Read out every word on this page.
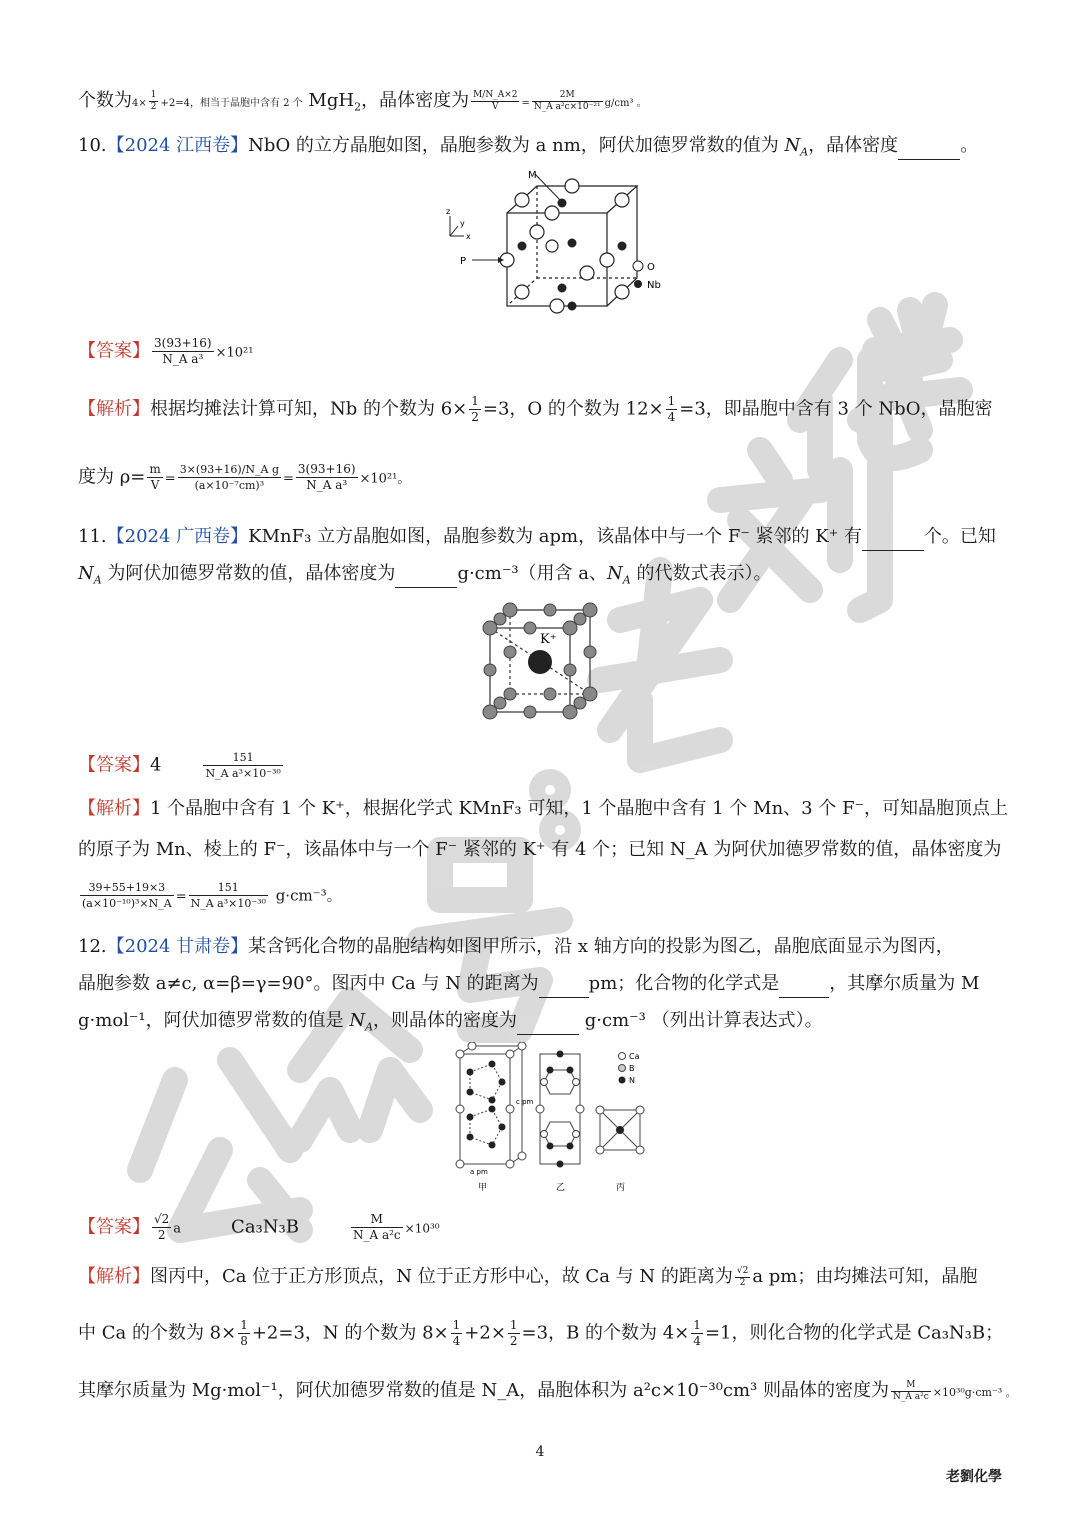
个数为$4\times \frac{1}{2} +2=4$，相当于晶胞中含有 2 个 MgH$_2$，晶体密度为 $\frac{M/N\_A\times 2}{V} = \frac{2M}{\text{N\_A a²c×10⁻²¹}} g/cm^3$ 。
10.【2024 江西卷】NbO 的立方晶胞如图，晶胞参数为 a nm，阿伏加德罗常数的值为 $N_A$，晶体密度	。
M
P
z
y
x
O
Nb
【答案】 $\frac{3(93+16)}{\text{N\_A a³}} \times 10^{21}$
【解析】根据均摊法计算可知，Nb 的个数为 $6\times \frac{1}{2} =3$，O 的个数为 $12\times \frac{1}{4} =3$，即晶胞中含有 3 个 NbO，晶胞密
度为 $\rho= \frac{m}{V} = \frac{\text{3×(93+16)/N\_A g}}{\text{(a×10⁻⁷cm)³}} = \frac{3(93+16)}{\text{N\_A a³}} \times 10^{21}$。
11.【2024 广西卷】KMnF₃ 立方晶胞如图，晶胞参数为 apm，该晶体中与一个 F⁻ 紧邻的 K⁺ 有	个。已知
$N_A$ 为阿伏加德罗常数的值，晶体密度为	g·cm⁻³（用含 a、$N_A$ 的代数式表示）。
K⁺
【答案】4	$\frac{151}{\text{N\_A a³×10⁻³⁰}}$
【解析】1 个晶胞中含有 1 个 K⁺，根据化学式 KMnF₃ 可知，1 个晶胞中含有 1 个 Mn、3 个 F⁻，可知晶胞顶点上
的原子为 Mn、棱上的 F⁻，该晶体中与一个 F⁻ 紧邻的 K⁺ 有 4 个；已知 N_A 为阿伏加德罗常数的值，晶体密度为
$\frac{39+55+19\times 3}{\text{(a×10⁻¹⁰)³×N\_A}} = \frac{151}{\text{N\_A a³×10⁻³⁰}} g\cdot cm^{-3}$。
12.【2024 甘肃卷】某含钙化合物的晶胞结构如图甲所示，沿 x 轴方向的投影为图乙，晶胞底面显示为图丙，
晶胞参数 a≠c, α=β=γ=90°。图丙中 Ca 与 N 的距离为	pm；化合物的化学式是	，其摩尔质量为 M
g·mol⁻¹，阿伏加德罗常数的值是 $N_A$，则晶体的密度为	g·cm⁻³ （列出计算表达式）。
c pm
a pm
甲	乙	丙
Ca
B
N
【答案】 $\frac{√2}{2}$ a	Ca₃N₃B	$\frac{M}{\text{N\_A a²c}} \times 10^{30}$
【解析】图丙中，Ca 位于正方形顶点，N 位于正方形中心，故 Ca 与 N 的距离为 $\frac{√2}{2}$ a pm；由均摊法可知，晶胞
中 Ca 的个数为 $8\times \frac{1}{8} +2=3$，N 的个数为 $8\times \frac{1}{4} +2\times \frac{1}{2} =3$，B 的个数为 $4\times \frac{1}{4} =1$，则化合物的化学式是 Ca₃N₃B；
其摩尔质量为 Mg·mol⁻¹，阿伏加德罗常数的值是 N_A，晶胞体积为 a²c×10⁻³⁰cm³ 则晶体的密度为 $\frac{M}{\text{N\_A a²c}} \times 10^{30}g\cdot cm^{-3}$ 。
4
老劉化學
